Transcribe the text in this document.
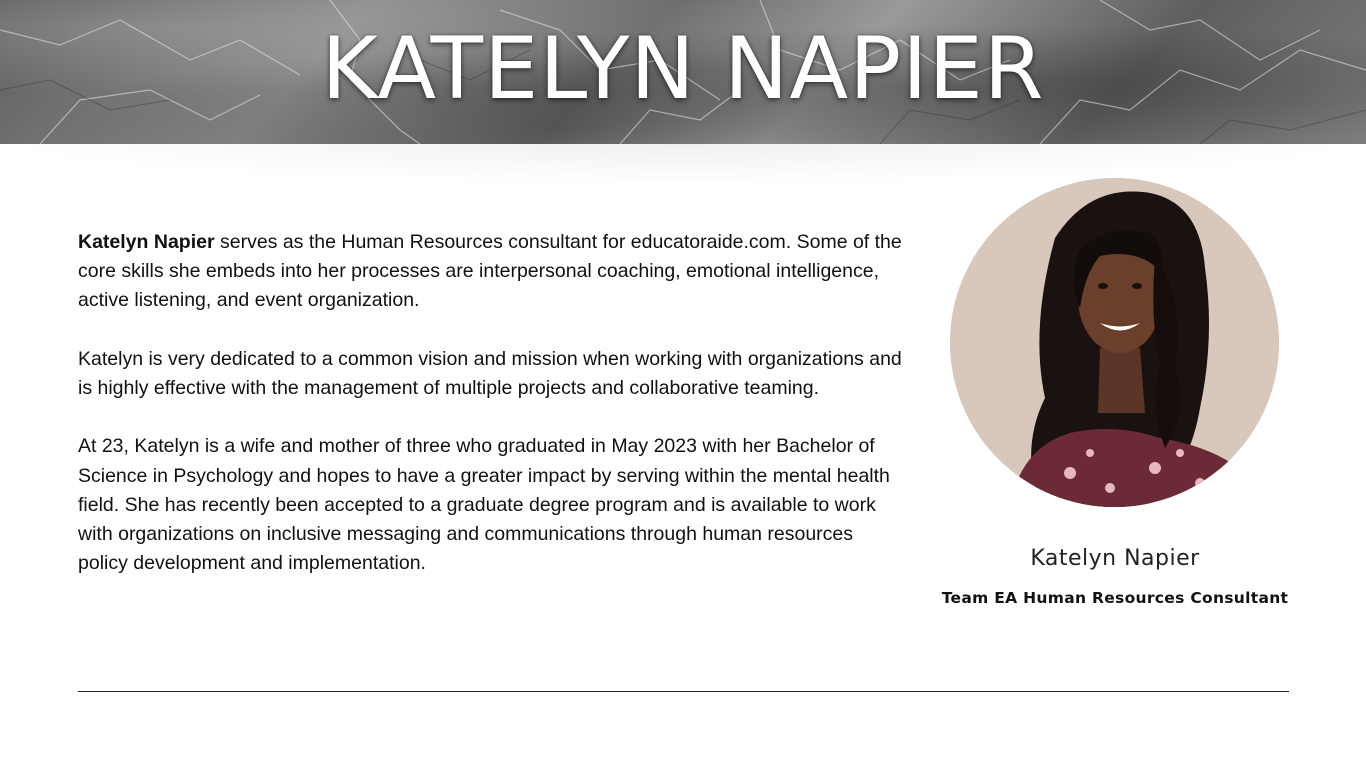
KATELYN NAPIER

Katelyn Napier serves as the Human Resources consultant for educatoraide.com. Some of the core skills she embeds into her processes are interpersonal coaching, emotional intelligence, active listening, and event organization.

Katelyn is very dedicated to a common vision and mission when working with organizations and is highly effective with the management of multiple projects and collaborative teaming.

At 23, Katelyn is a wife and mother of three who graduated in May 2023 with her Bachelor of Science in Psychology and hopes to have a greater impact by serving within the mental health field. She has recently been accepted to a graduate degree program and is available to work with organizations on inclusive messaging and communications through human resources policy development and implementation.	Katelyn Napier
Team EA Human Resources Consultant
